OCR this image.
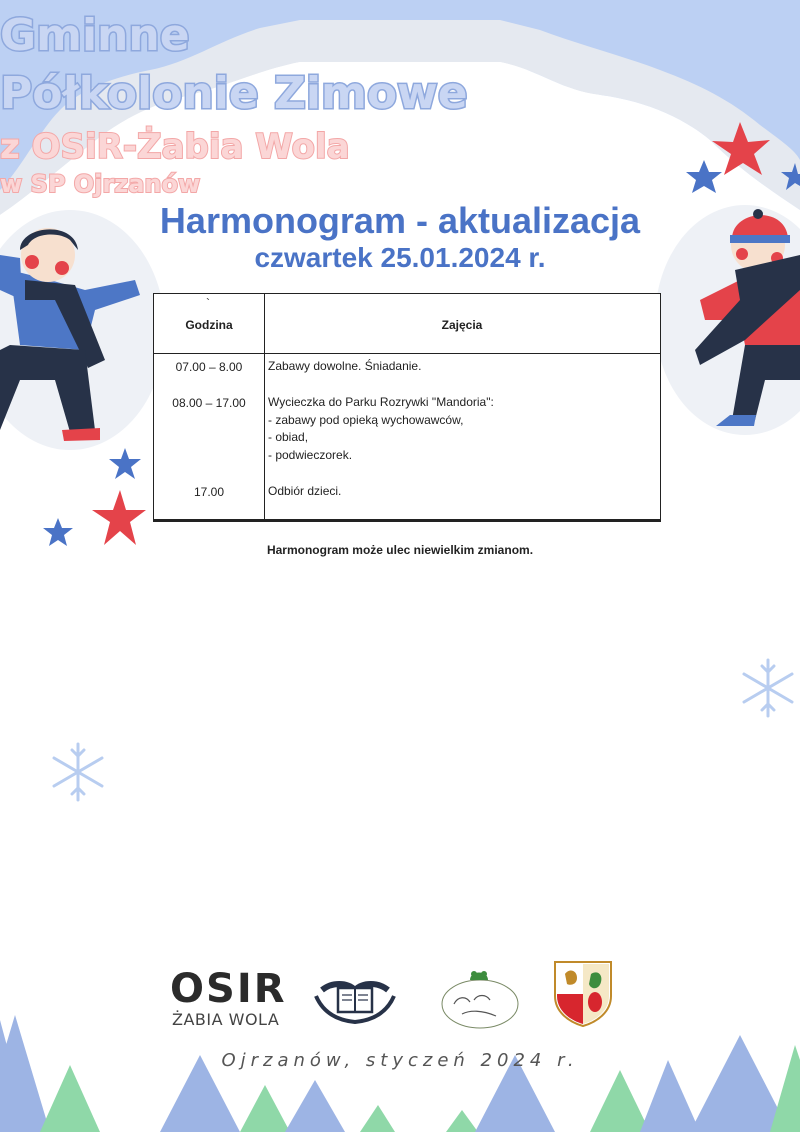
Gminne
Półkolonie Zimowe
z OSiR-Żabia Wola
w SP Ojrzanów
Harmonogram - aktualizacja
czwartek 25.01.2024 r.
`
Godzina	Zajęcia
07.00 – 8.00	Zabawy dowolne. Śniadanie.
08.00 – 17.00	Wycieczka do Parku Rozrywki "Mandoria":
- zabawy pod opieką wychowawców,
- obiad,
- podwieczorek.
17.00	Odbiór dzieci.
Harmonogram może ulec niewielkim zmianom.
OSIR
ŻABIA WOLA
Ojrzanów, styczeń 2024 r.
